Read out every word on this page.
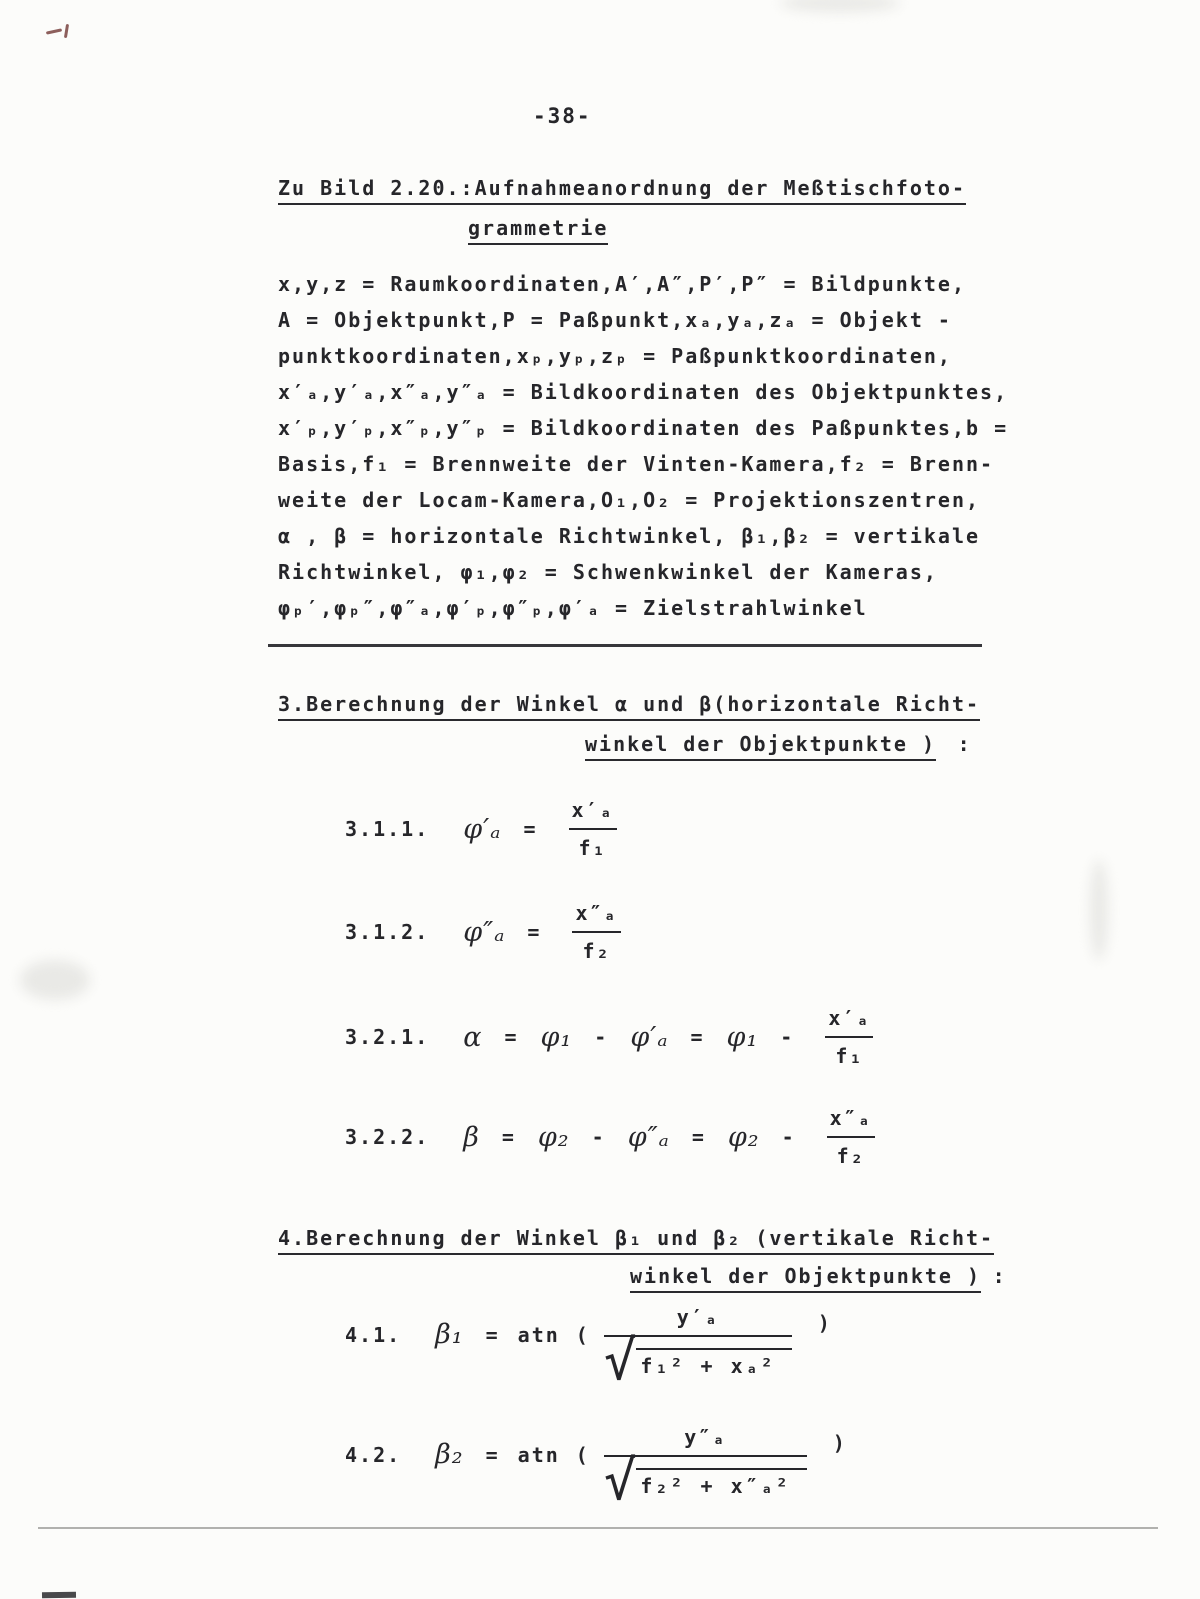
-38-
Zu Bild 2.20.:Aufnahmeanordnung der Meßtischfoto-
grammetrie
x,y,z = Raumkoordinaten,A′,A″,P′,P″ = Bildpunkte,
A = Objektpunkt,P = Paßpunkt,xₐ,yₐ,zₐ = Objekt -
punktkoordinaten,xₚ,yₚ,zₚ = Paßpunktkoordinaten,
x′ₐ,y′ₐ,x″ₐ,y″ₐ = Bildkoordinaten des Objektpunktes,
x′ₚ,y′ₚ,x″ₚ,y″ₚ = Bildkoordinaten des Paßpunktes,b =
Basis,f₁ = Brennweite der Vinten-Kamera,f₂ = Brenn-
weite der Locam-Kamera,O₁,O₂ = Projektionszentren,
α , β = horizontale Richtwinkel, β₁,β₂ = vertikale
Richtwinkel, φ₁,φ₂ = Schwenkwinkel der Kameras,
φₚ′,φₚ″,φ″ₐ,φ′ₚ,φ″ₚ,φ′ₐ = Zielstrahlwinkel
3.Berechnung der Winkel α und β(horizontale Richt-
winkel der Objektpunkte ) :
3.1.1. $\varphi'_a = \frac{\text{x′ₐ}}{\text{f₁}}$
3.1.2. $\varphi''_a = \frac{\text{x″ₐ}}{\text{f₂}}$
3.2.1. $\alpha = \varphi_1 - \varphi'_a = \varphi_1 - \frac{\text{x′ₐ}}{\text{f₁}}$
3.2.2. $\beta = \varphi_2 - \varphi''_a = \varphi_2 - \frac{\text{x″ₐ}}{\text{f₂}}$
4.Berechnung der Winkel β₁ und β₂ (vertikale Richt-
winkel der Objektpunkte ) :
4.1. β₁ = atn (
y′ₐ
√ f₁² + xₐ²
)
4.2. β₂ = atn (
y″ₐ
√ f₂² + x″ₐ²
)
